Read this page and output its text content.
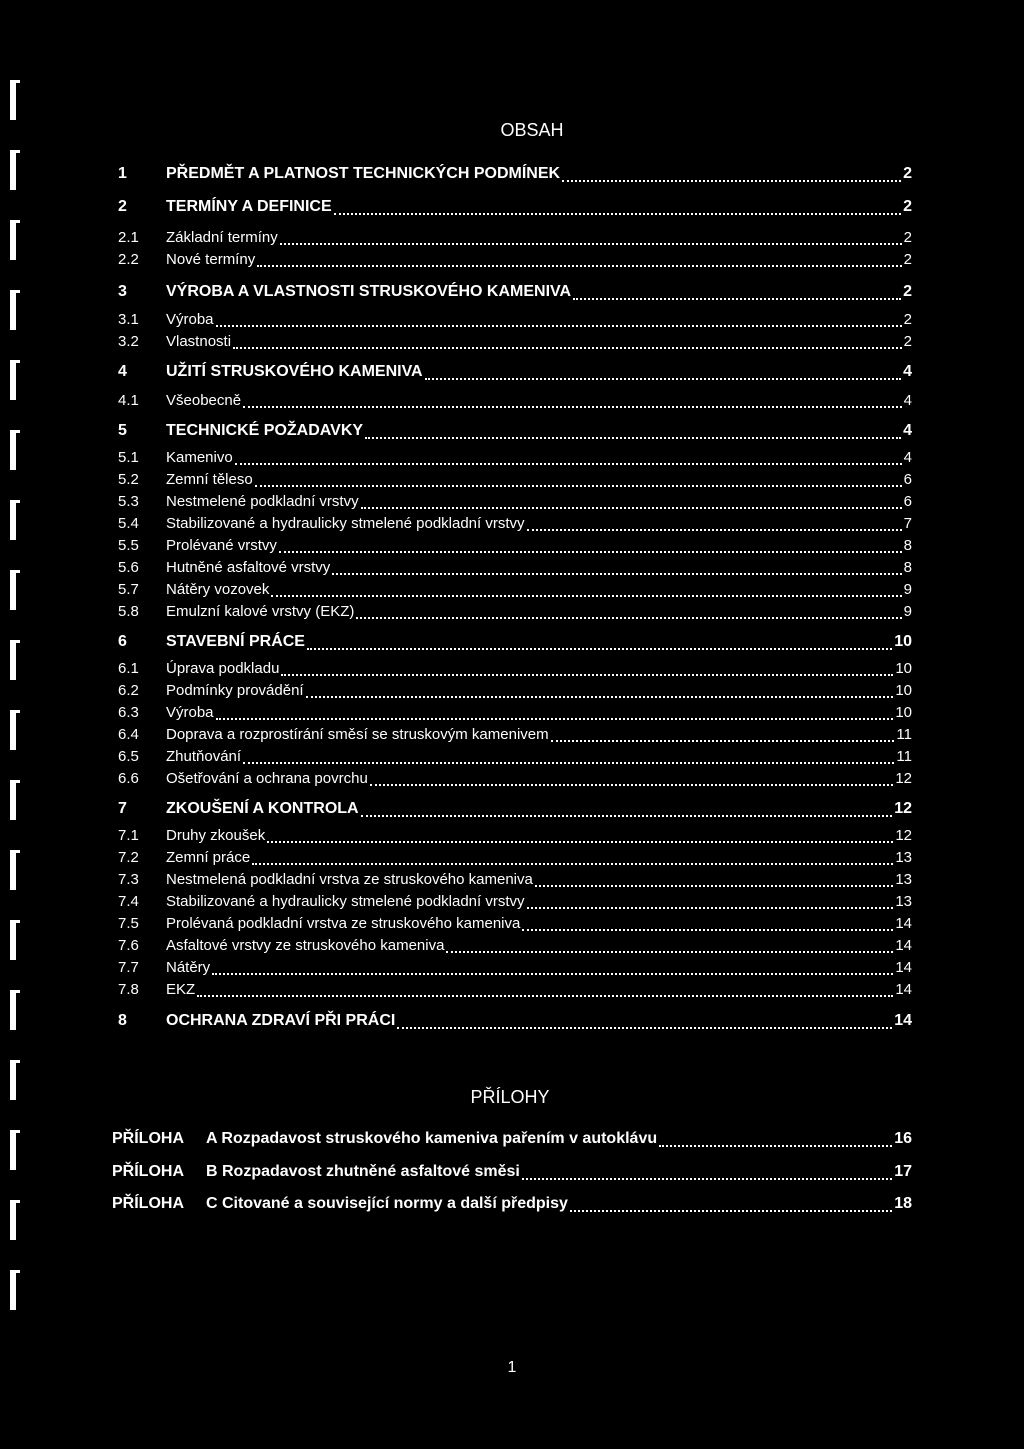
OBSAH
1 PŘEDMĚT A PLATNOST TECHNICKÝCH PODMÍNEK	2
2 TERMÍNY A DEFINICE	2
2.1 Základní termíny	2
2.2 Nové termíny	2
3 VÝROBA A VLASTNOSTI STRUSKOVÉHO KAMENIVA	2
3.1 Výroba	2
3.2 Vlastnosti	2
4 UŽITÍ STRUSKOVÉHO KAMENIVA	4
4.1 Všeobecně	4
5 TECHNICKÉ POŽADAVKY	4
5.1 Kamenivo	4
5.2 Zemní těleso	6
5.3 Nestmelené podkladní vrstvy	6
5.4 Stabilizované a hydraulicky stmelené podkladní vrstvy	7
5.5 Prolévané vrstvy	8
5.6 Hutněné asfaltové vrstvy	8
5.7 Nátěry vozovek	9
5.8 Emulzní kalové vrstvy (EKZ)	9
6 STAVEBNÍ PRÁCE	10
6.1 Úprava podkladu	10
6.2 Podmínky provádění	10
6.3 Výroba	10
6.4 Doprava a rozprostírání směsí se struskovým kamenivem	11
6.5 Zhutňování	11
6.6 Ošetřování a ochrana povrchu	12
7 ZKOUŠENÍ A KONTROLA	12
7.1 Druhy zkoušek	12
7.2 Zemní práce	13
7.3 Nestmelená podkladní vrstva ze struskového kameniva	13
7.4 Stabilizované a hydraulicky stmelené podkladní vrstvy	13
7.5 Prolévaná podkladní vrstva ze struskového kameniva	14
7.6 Asfaltové vrstvy ze struskového kameniva	14
7.7 Nátěry	14
7.8 EKZ	14
8 OCHRANA ZDRAVÍ PŘI PRÁCI	14
PŘÍLOHY
PŘÍLOHA A Rozpadavost struskového kameniva pařením v autoklávu	16
PŘÍLOHA B Rozpadavost zhutněné asfaltové směsi	17
PŘÍLOHA C Citované a související normy a další předpisy	18
1
